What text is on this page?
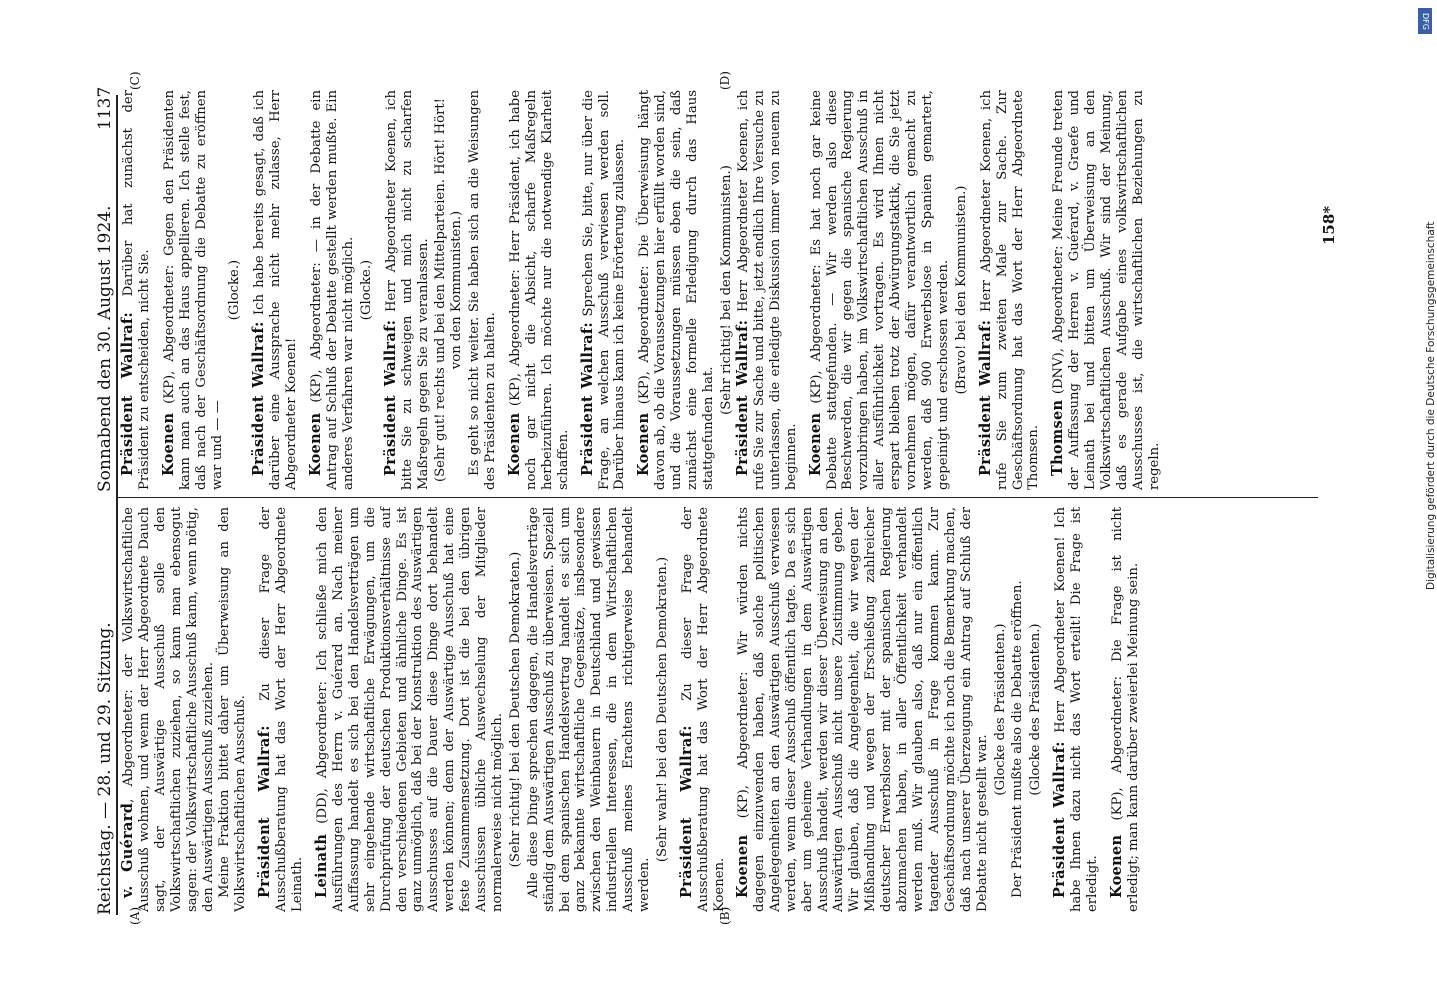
Reichstag. — 28. und 29. Sitzung.
Sonnabend den 30. August 1924.
1137
(A)	(B)
(C)	(D)

v. Guérard, Abgeordneter: der Volkswirtschaftliche Ausschuß wohnen, und wenn der Herr Abgeordnete Dauch sagt, der Auswärtige Ausschuß solle den Volkswirtschaftlichen zuziehen, so kann man ebensogut sagen: der Volkswirtschaftliche Ausschuß kann, wenn nötig, den Auswärtigen Ausschuß zuziehen. Meine Fraktion bittet daher um Überweisung an den Volkswirtschaftlichen Ausschuß. Präsident Wallraf: Zu dieser Frage der Ausschußberatung hat das Wort der Herr Abgeordnete Leinath. Leinath (DD), Abgeordneter: Ich schließe mich den Ausführungen des Herrn v. Guérard an. Nach meiner Auffassung handelt es sich bei den Handelsverträgen um sehr eingehende wirtschaftliche Erwägungen, um die Durchprüfung der deutschen Produktionsverhältnisse auf den verschiedenen Gebieten und ähnliche Dinge. Es ist ganz unmöglich, daß bei der Konstruktion des Auswärtigen Ausschusses auf die Dauer diese Dinge dort behandelt werden können; denn der Auswärtige Ausschuß hat eine feste Zusammensetzung. Dort ist die bei den übrigen Ausschüssen übliche Auswechselung der Mitglieder normalerweise nicht möglich. (Sehr richtig! bei den Deutschen Demokraten.) Alle diese Dinge sprechen dagegen, die Handelsverträge ständig dem Auswärtigen Ausschuß zu überweisen. Speziell bei dem spanischen Handelsvertrag handelt es sich um ganz bekannte wirtschaftliche Gegensätze, insbesondere zwischen den Weinbauern in Deutschland und gewissen industriellen Interessen, die in dem Wirtschaftlichen Ausschuß meines Erachtens richtigerweise behandelt werden.

(Sehr wahr! bei den Deutschen Demokraten.) Präsident Wallraf: Zu dieser Frage der Ausschußberatung hat das Wort der Herr Abgeordnete Koenen. Koenen (KP), Abgeordneter: Wir würden nichts dagegen einzuwenden haben, daß solche politischen Angelegenheiten an den Auswärtigen Ausschuß verwiesen werden, wenn dieser Ausschuß öffentlich tagte. Da es sich aber um geheime Verhandlungen in dem Auswärtigen Ausschuß handelt, werden wir dieser Überweisung an den Auswärtigen Ausschuß nicht unsere Zustimmung geben. Wir glauben, daß die Angelegenheit, die wir wegen der Mißhandlung und wegen der Erschießung zahlreicher deutscher Erwerbsloser mit der spanischen Regierung abzumachen haben, in aller Öffentlichkeit verhandelt werden muß. Wir glauben also, daß nur ein öffentlich tagender Ausschuß in Frage kommen kann. Zur Geschäftsordnung möchte ich noch die Bemerkung machen, daß nach unserer Überzeugung ein Antrag auf Schluß der Debatte nicht gestellt war.

(Glocke des Präsidenten.) Der Präsident mußte also die Debatte eröffnen. (Glocke des Präsidenten.)

Präsident Wallraf: Herr Abgeordneter Koenen! Ich habe Ihnen dazu nicht das Wort erteilt! Die Frage ist erledigt. Koenen (KP), Abgeordneter: Die Frage ist nicht erledigt; man kann darüber zweierlei Meinung sein.

Präsident Wallraf: Darüber hat zunächst der Präsident zu entscheiden, nicht Sie. Koenen (KP), Abgeordneter: Gegen den Präsidenten kann man auch an das Haus appellieren. Ich stelle fest, daß nach der Geschäftsordnung die Debatte zu eröffnen war und — —

(Glocke.)

Präsident Wallraf: Ich habe bereits gesagt, daß ich darüber eine Aussprache nicht mehr zulasse, Herr Abgeordneter Koenen! Koenen (KP), Abgeordneter: — in der Debatte ein Antrag auf Schluß der Debatte gestellt werden mußte. Ein anderes Verfahren war nicht möglich. (Glocke.)

Präsident Wallraf: Herr Abgeordneter Koenen, ich bitte Sie zu schweigen und mich nicht zu scharfen Maßregeln gegen Sie zu veranlassen. (Sehr gut! rechts und bei den Mittelparteien. Hört! Hört! von den Kommunisten.) Es geht so nicht weiter. Sie haben sich an die Weisungen des Präsidenten zu halten. Koenen (KP), Abgeordneter: Herr Präsident, ich habe noch gar nicht die Absicht, scharfe Maßregeln herbeizuführen. Ich möchte nur die notwendige Klarheit schaffen. Präsident Wallraf: Sprechen Sie, bitte, nur über die Frage, an welchen Ausschuß verwiesen werden soll. Darüber hinaus kann ich keine Erörterung zulassen. Koenen (KP), Abgeordneter: Die Überweisung hängt davon ab, ob die Voraussetzungen hier erfüllt worden sind, und die Voraussetzungen müssen eben die sein, daß zunächst eine formelle Erledigung durch das Haus stattgefunden hat.

(Sehr richtig! bei den Kommunisten.) Präsident Wallraf: Herr Abgeordneter Koenen, ich rufe Sie zur Sache und bitte, jetzt endlich Ihre Versuche zu unterlassen, die erledigte Diskussion immer von neuem zu beginnen. Koenen (KP), Abgeordneter: Es hat noch gar keine Debatte stattgefunden. — Wir werden also diese Beschwerden, die wir gegen die spanische Regierung vorzubringen haben, im Volkswirtschaftlichen Ausschuß in aller Ausführlichkeit vortragen. Es wird Ihnen nicht erspart bleiben trotz der Abwürgungstaktik, die Sie jetzt vornehmen mögen, dafür verantwortlich gemacht zu werden, daß 900 Erwerbslose in Spanien gemartert, gepeinigt und erschossen werden. (Bravo! bei den Kommunisten.)

Präsident Wallraf: Herr Abgeordneter Koenen, ich rufe Sie zum zweiten Male zur Sache. Zur Geschäftsordnung hat das Wort der Herr Abgeordnete Thomsen. Thomsen (DNV), Abgeordneter: Meine Freunde treten der Auffassung der Herren v. Guérard, v. Graefe und Leinath bei und bitten um Überweisung an den Volkswirtschaftlichen Ausschuß. Wir sind der Meinung, daß es gerade Aufgabe eines volkswirtschaftlichen Ausschusses ist, die wirtschaftlichen Beziehungen zu regeln.

158*
DFG
Digitalisierung gefördert durch die Deutsche Forschungsgemeinschaft
